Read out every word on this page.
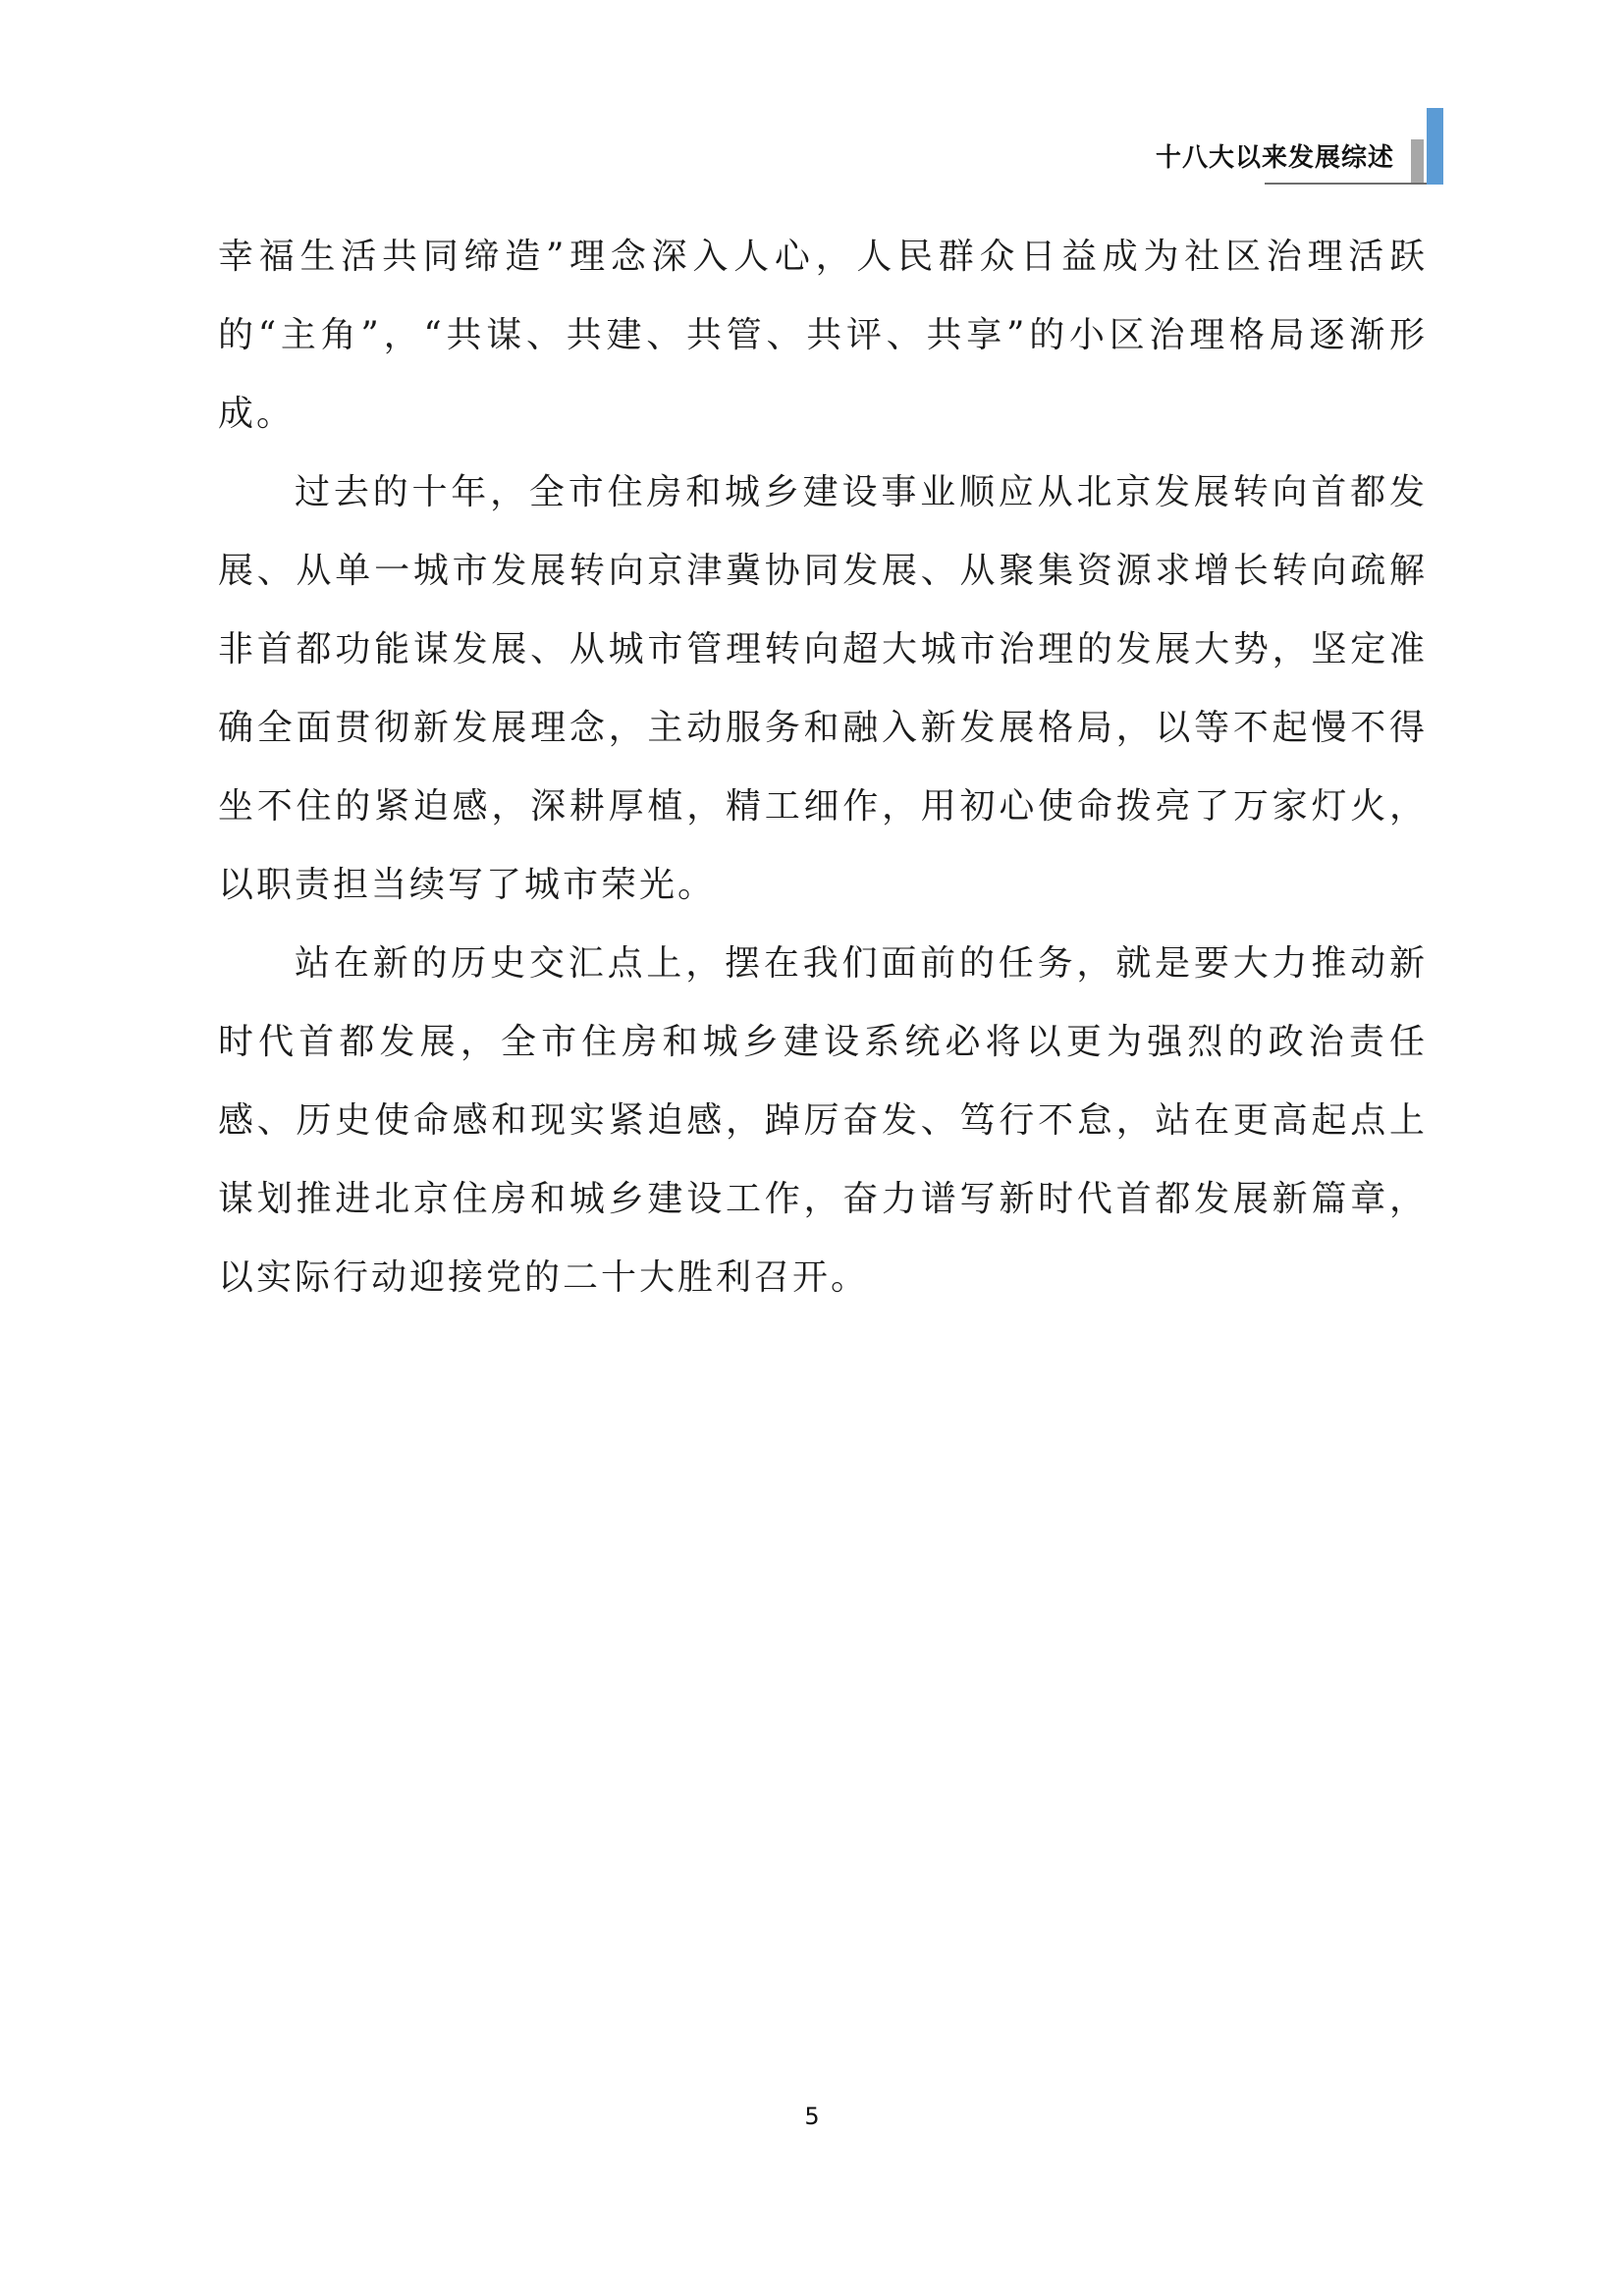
十八大以来发展综述

幸福生活共同缔造”理念深入人心，人民群众日益成为社区治理活跃的“主角”，“共谋、共建、共管、共评、共享”的小区治理格局逐渐形成。

过去的十年，全市住房和城乡建设事业顺应从北京发展转向首都发展、从单一城市发展转向京津冀协同发展、从聚集资源求增长转向疏解非首都功能谋发展、从城市管理转向超大城市治理的发展大势，坚定准确全面贯彻新发展理念，主动服务和融入新发展格局，以等不起慢不得坐不住的紧迫感，深耕厚植，精工细作，用初心使命拨亮了万家灯火，以职责担当续写了城市荣光。

站在新的历史交汇点上，摆在我们面前的任务，就是要大力推动新时代首都发展，全市住房和城乡建设系统必将以更为强烈的政治责任感、历史使命感和现实紧迫感，踔厉奋发、笃行不怠，站在更高起点上谋划推进北京住房和城乡建设工作，奋力谱写新时代首都发展新篇章，以实际行动迎接党的二十大胜利召开。

5
